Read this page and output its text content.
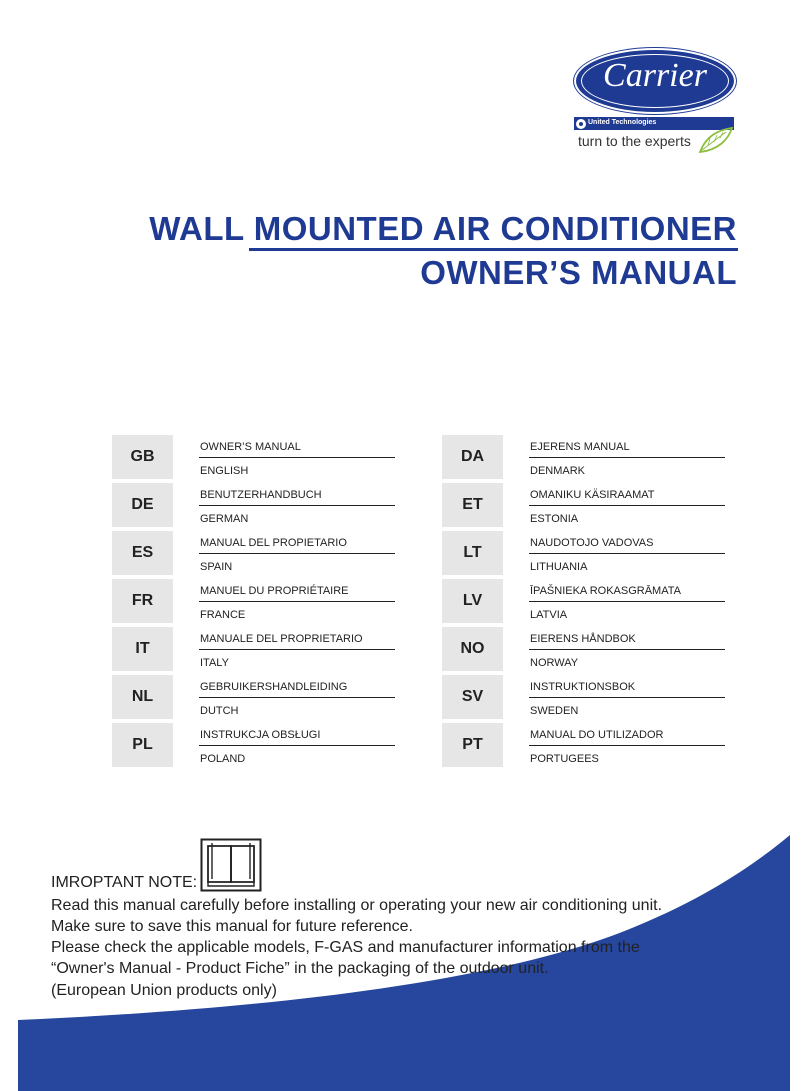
Carrier
United Technologies
turn to the experts
WALL MOUNTED AIR CONDITIONER
OWNER’S MANUAL
GB
OWNER’S MANUAL
ENGLISH
DE
BENUTZERHANDBUCH
GERMAN
ES
MANUAL DEL PROPIETARIO
SPAIN
FR
MANUEL DU PROPRIÉTAIRE
FRANCE
IT
MANUALE DEL PROPRIETARIO
ITALY
NL
GEBRUIKERSHANDLEIDING
DUTCH
PL
INSTRUKCJA OBSŁUGI
POLAND
DA
EJERENS MANUAL
DENMARK
ET
OMANIKU KÄSIRAAMAT
ESTONIA
LT
NAUDOTOJO VADOVAS
LITHUANIA
LV
ĪPAŠNIEKA ROKASGRĀMATA
LATVIA
NO
EIERENS HÅNDBOK
NORWAY
SV
INSTRUKTIONSBOK
SWEDEN
PT
MANUAL DO UTILIZADOR
PORTUGEES
IMROPTANT NOTE:
Read this manual carefully before installing or operating your new air conditioning unit.
Make sure to save this manual for future reference.
Please check the applicable models, F-GAS and manufacturer information from the
“Owner's Manual - Product Fiche” in the packaging of the outdoor unit.
(European Union products only)
